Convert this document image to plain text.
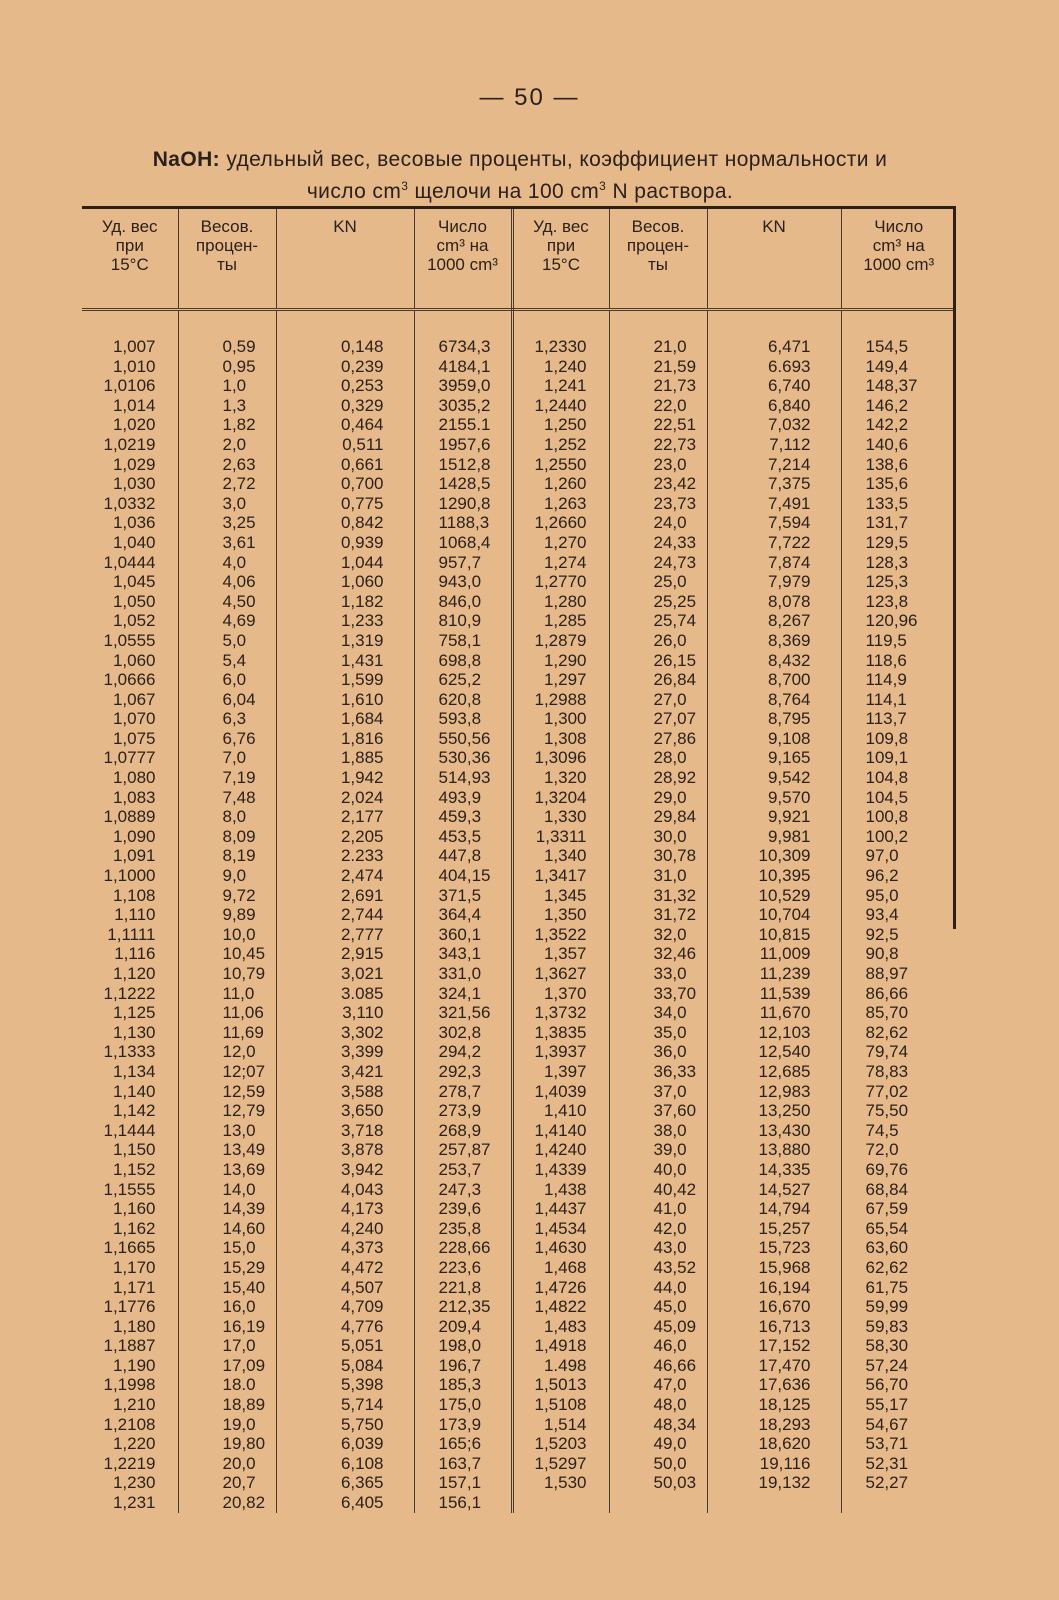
— 50 —
NaOH: удельный вес, весовые проценты, коэффициент нормальности и
число $cm^3$ щелочи на 100 $cm^3$ N раствора.
Уд. вес
при
15°С	Весов.
процен-
ты	KN	Число
cm³ на
1000 cm³	Уд. вес
при
15°С	Весов.
процен-
ты	KN	Число
cm³ на
1000 cm³

1,007	0,59	0,148	6734,3	1,2330	21,0	6,471	154,5
1,010	0,95	0,239	4184,1	1,240	21,59	6.693	149,4
1,0106	1,0	0,253	3959,0	1,241	21,73	6,740	148,37
1,014	1,3	0,329	3035,2	1,2440	22,0	6,840	146,2
1,020	1,82	0,464	2155.1	1,250	22,51	7,032	142,2
1,0219	2,0	0,511	1957,6	1,252	22,73	7,112	140,6
1,029	2,63	0,661	1512,8	1,2550	23,0	7,214	138,6
1,030	2,72	0,700	1428,5	1,260	23,42	7,375	135,6
1,0332	3,0	0,775	1290,8	1,263	23,73	7,491	133,5
1,036	3,25	0,842	1188,3	1,2660	24,0	7,594	131,7
1,040	3,61	0,939	1068,4	1,270	24,33	7,722	129,5
1,0444	4,0	1,044	957,7	1,274	24,73	7,874	128,3
1,045	4,06	1,060	943,0	1,2770	25,0	7,979	125,3
1,050	4,50	1,182	846,0	1,280	25,25	8,078	123,8
1,052	4,69	1,233	810,9	1,285	25,74	8,267	120,96
1,0555	5,0	1,319	758,1	1,2879	26,0	8,369	119,5
1,060	5,4	1,431	698,8	1,290	26,15	8,432	118,6
1,0666	6,0	1,599	625,2	1,297	26,84	8,700	114,9
1,067	6,04	1,610	620,8	1,2988	27,0	8,764	114,1
1,070	6,3	1,684	593,8	1,300	27,07	8,795	113,7
1,075	6,76	1,816	550,56	1,308	27,86	9,108	109,8
1,0777	7,0	1,885	530,36	1,3096	28,0	9,165	109,1
1,080	7,19	1,942	514,93	1,320	28,92	9,542	104,8
1,083	7,48	2,024	493,9	1,3204	29,0	9,570	104,5
1,0889	8,0	2,177	459,3	1,330	29,84	9,921	100,8
1,090	8,09	2,205	453,5	1,3311	30,0	9,981	100,2
1,091	8,19	2.233	447,8	1,340	30,78	10,309	97,0
1,1000	9,0	2,474	404,15	1,3417	31,0	10,395	96,2
1,108	9,72	2,691	371,5	1,345	31,32	10,529	95,0
1,110	9,89	2,744	364,4	1,350	31,72	10,704	93,4
1,1111	10,0	2,777	360,1	1,3522	32,0	10,815	92,5
1,116	10,45	2,915	343,1	1,357	32,46	11,009	90,8
1,120	10,79	3,021	331,0	1,3627	33,0	11,239	88,97
1,1222	11,0	3.085	324,1	1,370	33,70	11,539	86,66
1,125	11,06	3,110	321,56	1,3732	34,0	11,670	85,70
1,130	11,69	3,302	302,8	1,3835	35,0	12,103	82,62
1,1333	12,0	3,399	294,2	1,3937	36,0	12,540	79,74
1,134	12;07	3,421	292,3	1,397	36,33	12,685	78,83
1,140	12,59	3,588	278,7	1,4039	37,0	12,983	77,02
1,142	12,79	3,650	273,9	1,410	37,60	13,250	75,50
1,1444	13,0	3,718	268,9	1,4140	38,0	13,430	74,5
1,150	13,49	3,878	257,87	1,4240	39,0	13,880	72,0
1,152	13,69	3,942	253,7	1,4339	40,0	14,335	69,76
1,1555	14,0	4,043	247,3	1,438	40,42	14,527	68,84
1,160	14,39	4,173	239,6	1,4437	41,0	14,794	67,59
1,162	14,60	4,240	235,8	1,4534	42,0	15,257	65,54
1,1665	15,0	4,373	228,66	1,4630	43,0	15,723	63,60
1,170	15,29	4,472	223,6	1,468	43,52	15,968	62,62
1,171	15,40	4,507	221,8	1,4726	44,0	16,194	61,75
1,1776	16,0	4,709	212,35	1,4822	45,0	16,670	59,99
1,180	16,19	4,776	209,4	1,483	45,09	16,713	59,83
1,1887	17,0	5,051	198,0	1,4918	46,0	17,152	58,30
1,190	17,09	5,084	196,7	1.498	46,66	17,470	57,24
1,1998	18.0	5,398	185,3	1,5013	47,0	17,636	56,70
1,210	18,89	5,714	175,0	1,5108	48,0	18,125	55,17
1,2108	19,0	5,750	173,9	1,514	48,34	18,293	54,67
1,220	19,80	6,039	165;6	1,5203	49,0	18,620	53,71
1,2219	20,0	6,108	163,7	1,5297	50,0	19,116	52,31
1,230	20,7	6,365	157,1	1,530	50,03	19,132	52,27
1,231	20,82	6,405	156,1				
